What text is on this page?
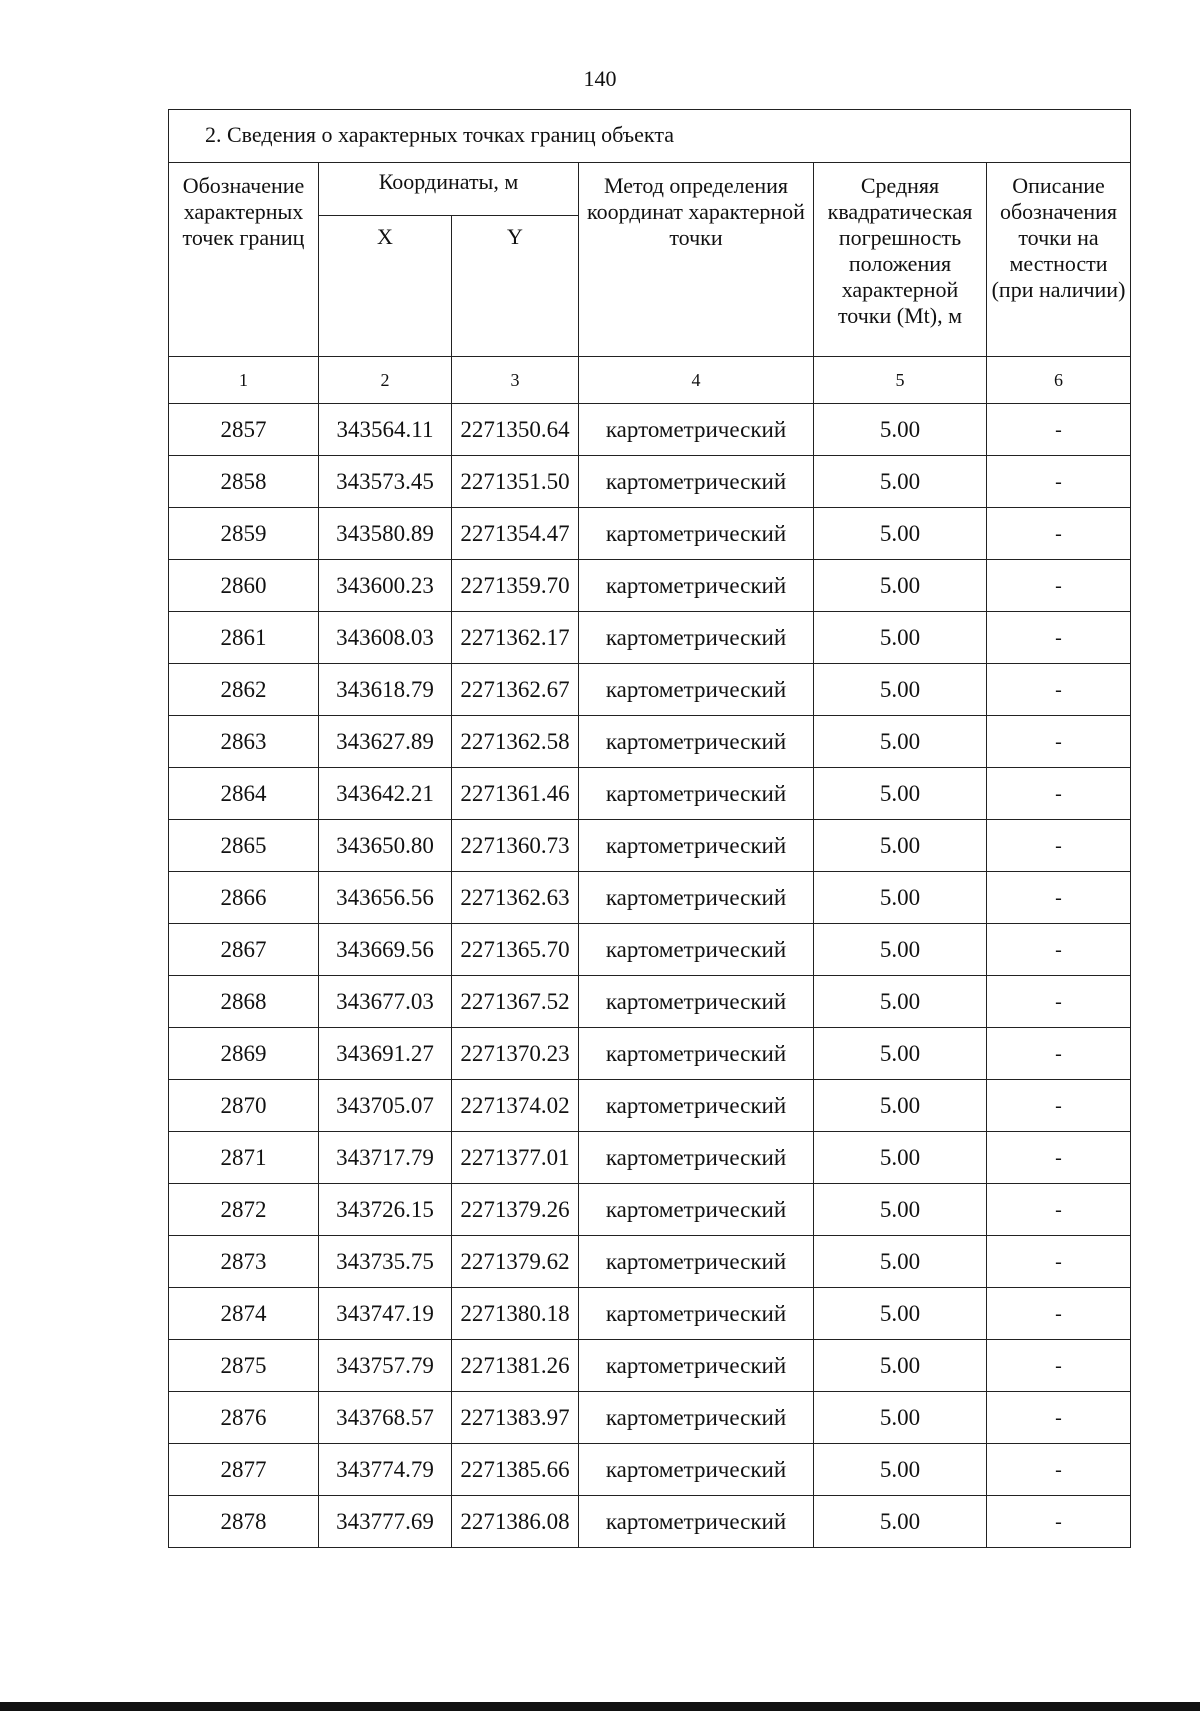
140
2. Сведения о характерных точках границ объекта					
Обозначение характерных точек границ	Координаты, м		Метод определения координат характерной точки	Средняя квадратическая погрешность положения характерной точки (Mt), м	Описание обозначения точки на местности (при наличии)
	X	Y			
1	2	3	4	5	6
2857	343564.11	2271350.64	картометрический	5.00	-
2858	343573.45	2271351.50	картометрический	5.00	-
2859	343580.89	2271354.47	картометрический	5.00	-
2860	343600.23	2271359.70	картометрический	5.00	-
2861	343608.03	2271362.17	картометрический	5.00	-
2862	343618.79	2271362.67	картометрический	5.00	-
2863	343627.89	2271362.58	картометрический	5.00	-
2864	343642.21	2271361.46	картометрический	5.00	-
2865	343650.80	2271360.73	картометрический	5.00	-
2866	343656.56	2271362.63	картометрический	5.00	-
2867	343669.56	2271365.70	картометрический	5.00	-
2868	343677.03	2271367.52	картометрический	5.00	-
2869	343691.27	2271370.23	картометрический	5.00	-
2870	343705.07	2271374.02	картометрический	5.00	-
2871	343717.79	2271377.01	картометрический	5.00	-
2872	343726.15	2271379.26	картометрический	5.00	-
2873	343735.75	2271379.62	картометрический	5.00	-
2874	343747.19	2271380.18	картометрический	5.00	-
2875	343757.79	2271381.26	картометрический	5.00	-
2876	343768.57	2271383.97	картометрический	5.00	-
2877	343774.79	2271385.66	картометрический	5.00	-
2878	343777.69	2271386.08	картометрический	5.00	-
